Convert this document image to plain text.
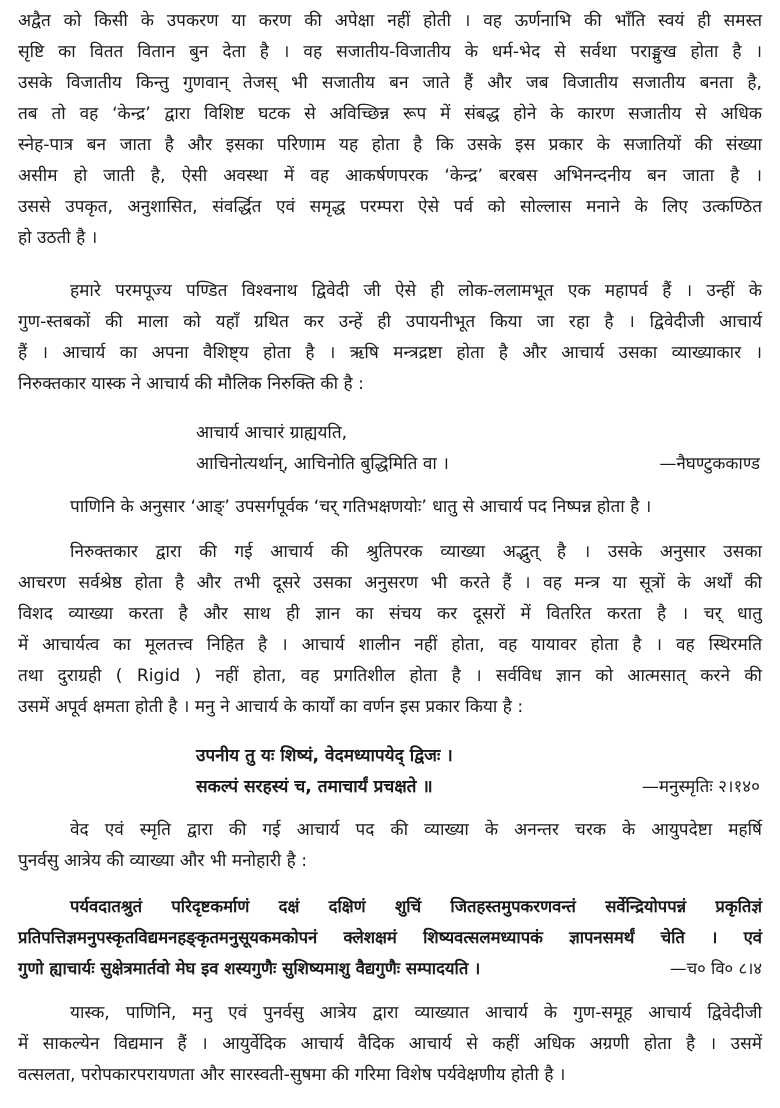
अद्वैत को किसी के उपकरण या करण की अपेक्षा नहीं होती । वह ऊर्णनाभि की भाँति स्वयं ही समस्त
सृष्टि का वितत वितान बुन देता है । वह सजातीय-विजातीय के धर्म-भेद से सर्वथा पराङ्मुख होता है ।
उसके विजातीय किन्तु गुणवान् तेजस् भी सजातीय बन जाते हैं और जब विजातीय सजातीय बनता है,
तब तो वह ‘केन्द्र’ द्वारा विशिष्ट घटक से अविच्छिन्न रूप में संबद्ध होने के कारण सजातीय से अधिक
स्नेह-पात्र बन जाता है और इसका परिणाम यह होता है कि उसके इस प्रकार के सजातियों की संख्या
असीम हो जाती है, ऐसी अवस्था में वह आकर्षणपरक ‘केन्द्र’ बरबस अभिनन्दनीय बन जाता है ।
उससे उपकृत, अनुशासित, संवर्द्धित एवं समृद्ध परम्परा ऐसे पर्व को सोल्लास मनाने के लिए उत्कण्ठित
हो उठती है ।
हमारे परमपूज्य पण्डित विश्वनाथ द्विवेदी जी ऐसे ही लोक-ललामभूत एक महापर्व हैं । उन्हीं के
गुण-स्तबकों की माला को यहाँ ग्रथित कर उन्हें ही उपायनीभूत किया जा रहा है । द्विवेदीजी आचार्य
हैं । आचार्य का अपना वैशिष्ट्य होता है । ऋषि मन्त्रद्रष्टा होता है और आचार्य उसका व्याख्याकार ।
निरुक्तकार यास्क ने आचार्य की मौलिक निरुक्ति की है :
आचार्य आचारं ग्राह्ययति,
आचिनोत्यर्थान्, आचिनोति बुद्धिमिति वा ।	—नैघण्टुककाण्ड
पाणिनि के अनुसार ‘आङ्’ उपसर्गपूर्वक ‘चर् गतिभक्षणयोः’ धातु से आचार्य पद निष्पन्न होता है ।
निरुक्तकार द्वारा की गई आचार्य की श्रुतिपरक व्याख्या अद्भुत् है । उसके अनुसार उसका
आचरण सर्वश्रेष्ठ होता है और तभी दूसरे उसका अनुसरण भी करते हैं । वह मन्त्र या सूत्रों के अर्थों की
विशद व्याख्या करता है और साथ ही ज्ञान का संचय कर दूसरों में वितरित करता है । चर् धातु
में आचार्यत्व का मूलतत्त्व निहित है । आचार्य शालीन नहीं होता, वह यायावर होता है । वह स्थिरमति
तथा दुराग्रही ( Rigid ) नहीं होता, वह प्रगतिशील होता है । सर्वविध ज्ञान को आत्मसात् करने की
उसमें अपूर्व क्षमता होती है । मनु ने आचार्य के कार्यों का वर्णन इस प्रकार किया है :
उपनीय तु यः शिष्यं, वेदमध्यापयेद् द्विजः ।
सकल्पं सरहस्यं च, तमाचार्यं प्रचक्षते ॥	—मनुस्मृतिः २।१४०
वेद एवं स्मृति द्वारा की गई आचार्य पद की व्याख्या के अनन्तर चरक के आयुपदेष्टा महर्षि
पुनर्वसु आत्रेय की व्याख्या और भी मनोहारी है :
पर्यवदातश्रुतं परिदृष्टकर्माणं दक्षं दक्षिणं शुचिं जितहस्तमुपकरणवन्तं सर्वेन्द्रियोपपन्नं प्रकृतिज्ञं
प्रतिपत्तिज्ञमनुपस्कृतविद्यमनहङ्कृतमनुसूयकमकोपनं क्लेशक्षमं शिष्यवत्सलमध्यापकं ज्ञापनसमर्थं चेति । एवं
गुणो ह्याचार्यः सुक्षेत्रमार्तवो मेघ इव शस्यगुणैः सुशिष्यमाशु वैद्यगुणैः सम्पादयति ।	—च० वि० ८।४
यास्क, पाणिनि, मनु एवं पुनर्वसु आत्रेय द्वारा व्याख्यात आचार्य के गुण-समूह आचार्य द्विवेदीजी
में साकल्येन विद्यमान हैं । आयुर्वेदिक आचार्य वैदिक आचार्य से कहीं अधिक अग्रणी होता है । उसमें
वत्सलता, परोपकारपरायणता और सारस्वती-सुषमा की गरिमा विशेष पर्यवेक्षणीय होती है ।
